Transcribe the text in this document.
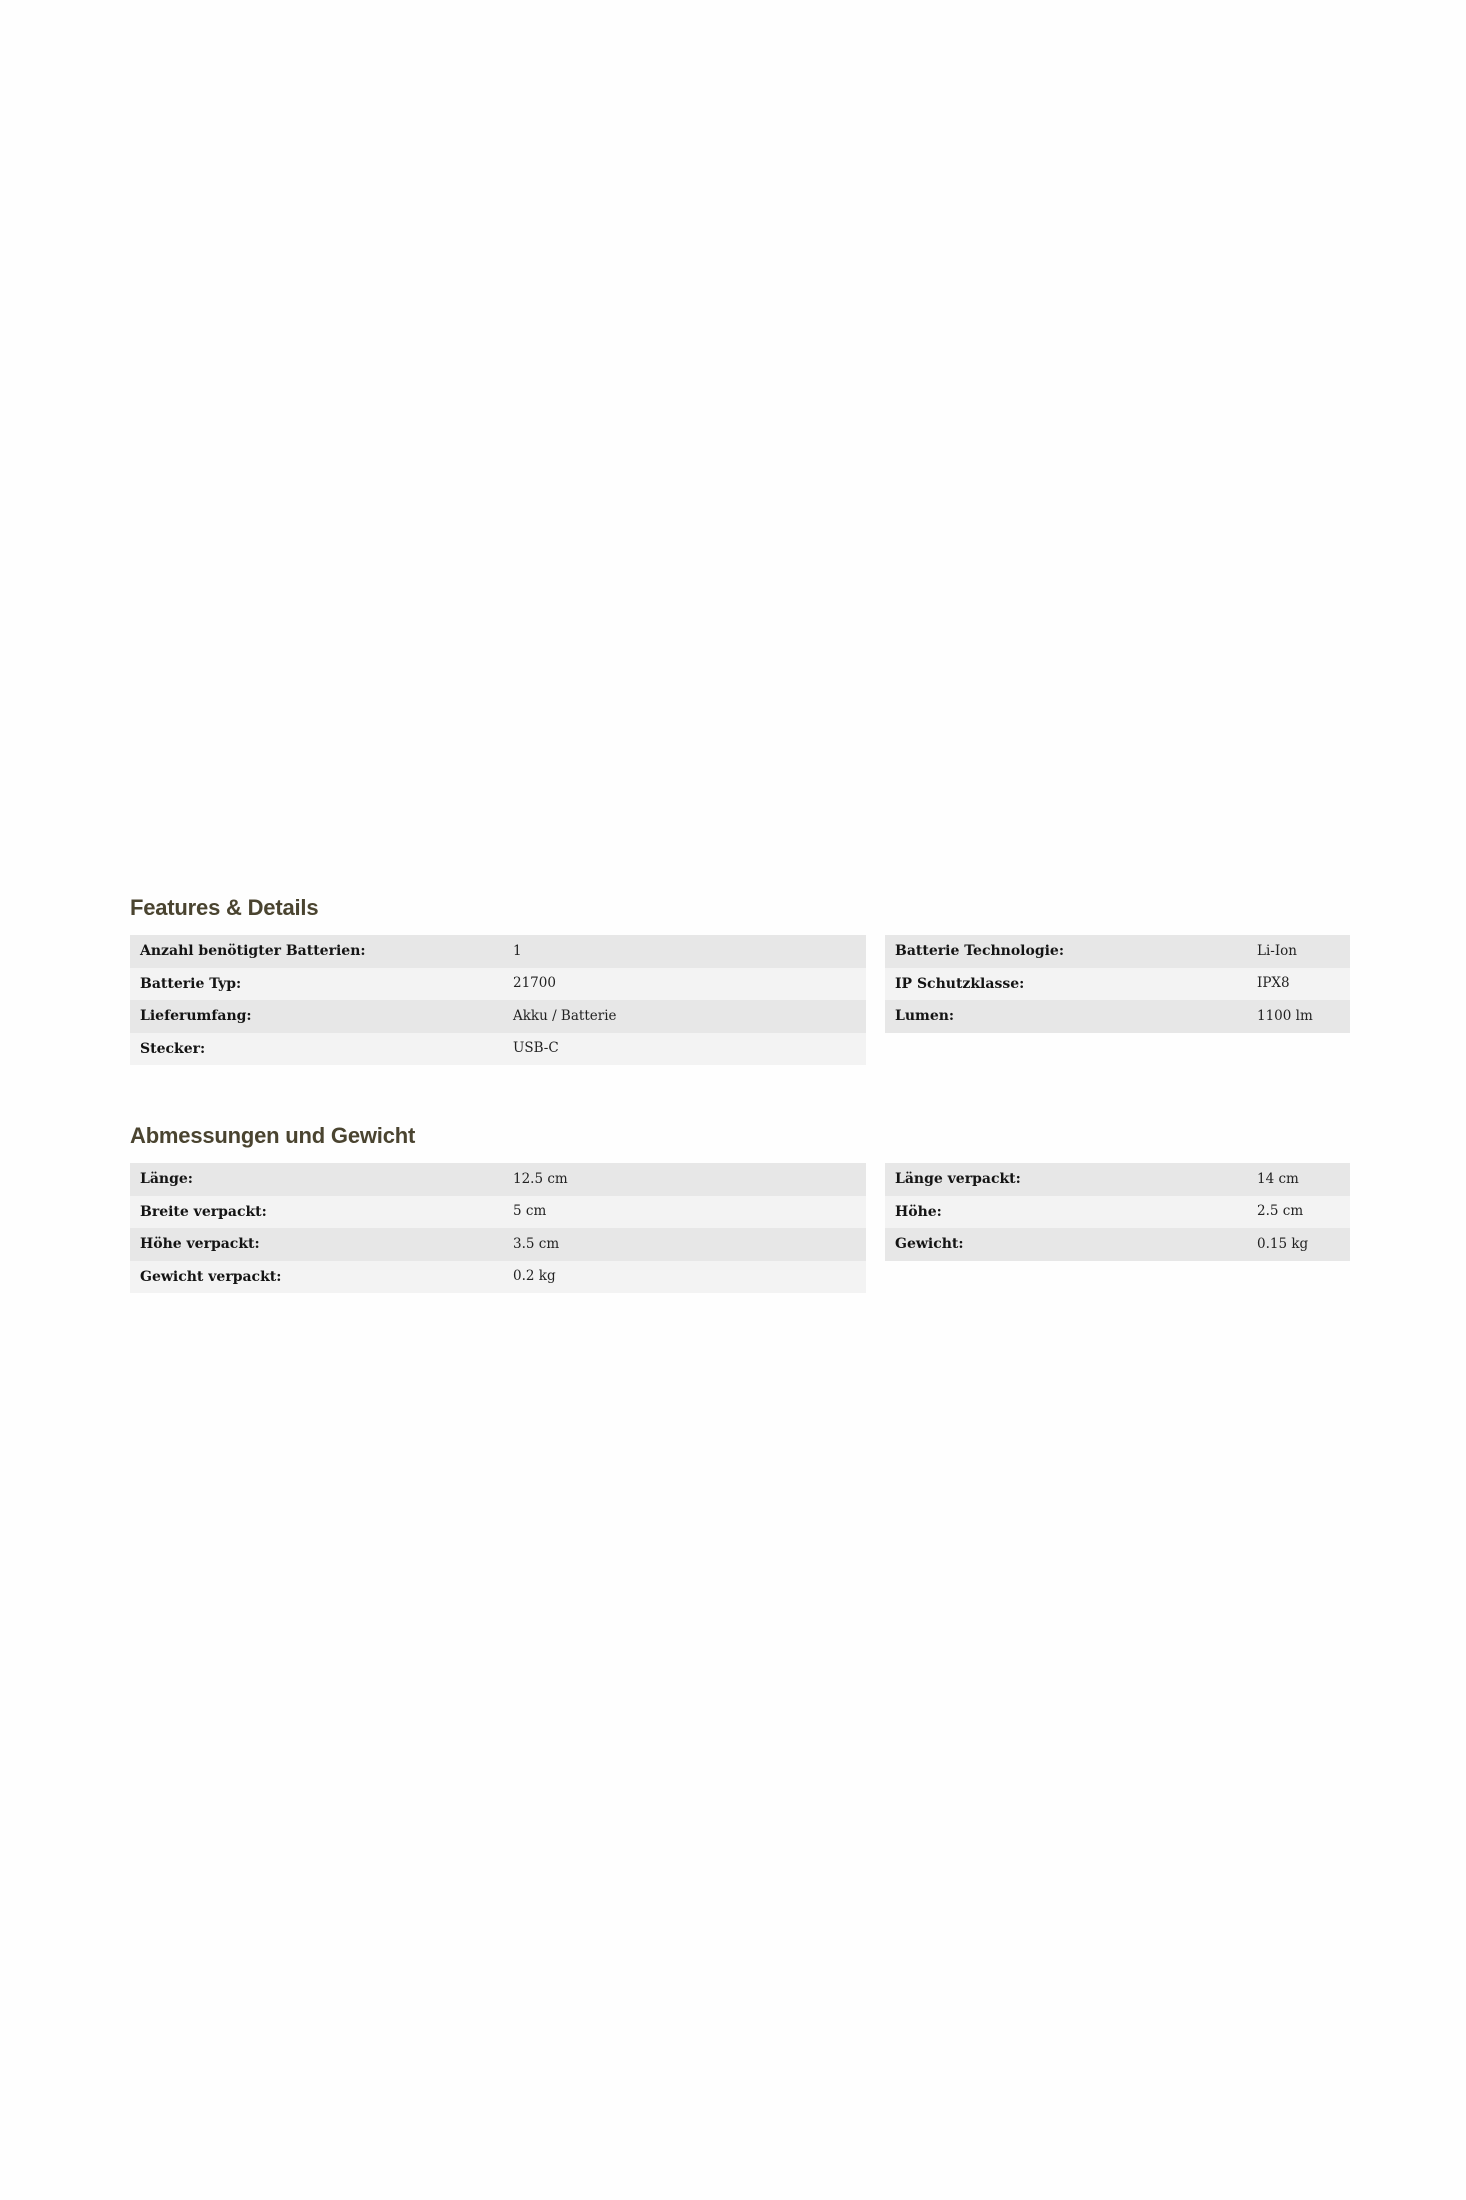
Features & Details
Anzahl benötigter Batterien:	1
Batterie Typ:	21700
Lieferumfang:	Akku / Batterie
Stecker:	USB-C
Batterie Technologie:	Li-Ion
IP Schutzklasse:	IPX8
Lumen:	1100 lm
Abmessungen und Gewicht
Länge:	12.5 cm
Breite verpackt:	5 cm
Höhe verpackt:	3.5 cm
Gewicht verpackt:	0.2 kg
Länge verpackt:	14 cm
Höhe:	2.5 cm
Gewicht:	0.15 kg
